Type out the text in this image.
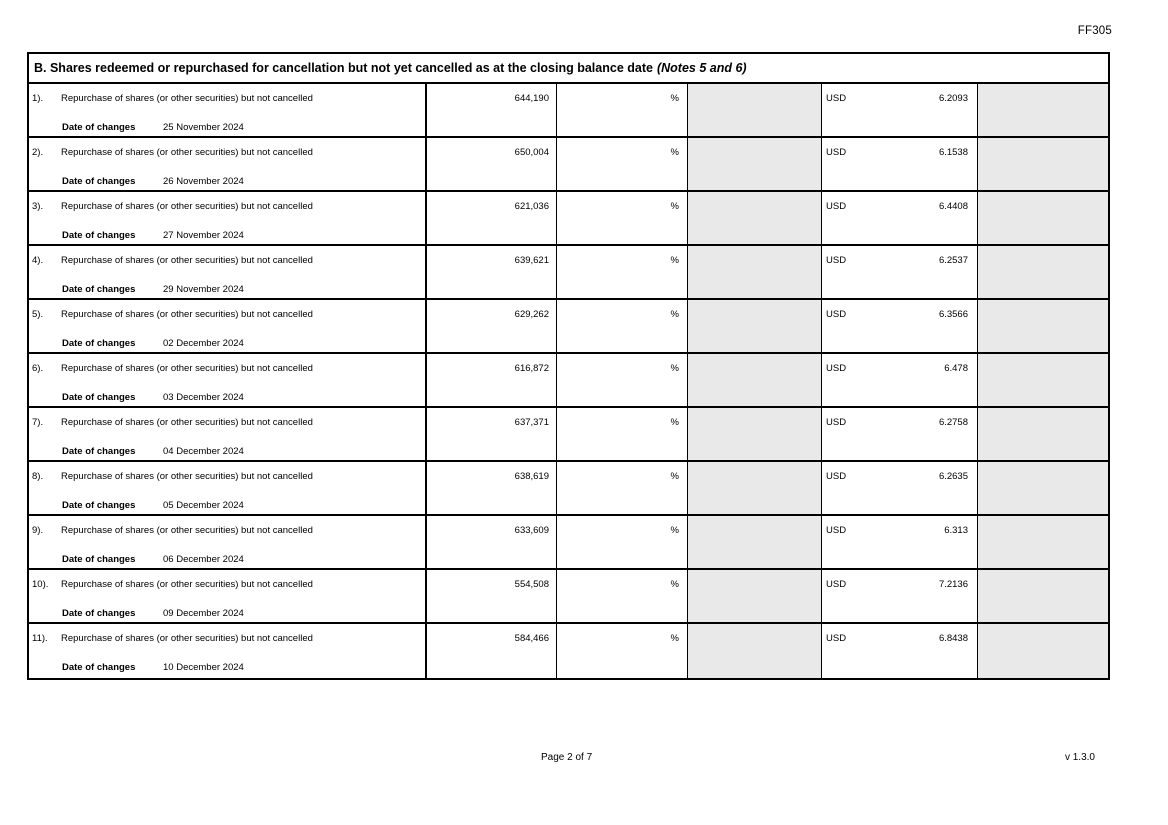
FF305
B. Shares redeemed or repurchased for cancellation but not yet cancelled as at the closing balance date (Notes 5 and 6)
1).	Repurchase of shares (or other securities) but not cancelled
Date of changes	25 November 2024
644,190	%	USD	6.2093
2).	Repurchase of shares (or other securities) but not cancelled
Date of changes	26 November 2024
650,004	%	USD	6.1538
3).	Repurchase of shares (or other securities) but not cancelled
Date of changes	27 November 2024
621,036	%	USD	6.4408
4).	Repurchase of shares (or other securities) but not cancelled
Date of changes	29 November 2024
639,621	%	USD	6.2537
5).	Repurchase of shares (or other securities) but not cancelled
Date of changes	02 December 2024
629,262	%	USD	6.3566
6).	Repurchase of shares (or other securities) but not cancelled
Date of changes	03 December 2024
616,872	%	USD	6.478
7).	Repurchase of shares (or other securities) but not cancelled
Date of changes	04 December 2024
637,371	%	USD	6.2758
8).	Repurchase of shares (or other securities) but not cancelled
Date of changes	05 December 2024
638,619	%	USD	6.2635
9).	Repurchase of shares (or other securities) but not cancelled
Date of changes	06 December 2024
633,609	%	USD	6.313
10).	Repurchase of shares (or other securities) but not cancelled
Date of changes	09 December 2024
554,508	%	USD	7.2136
11).	Repurchase of shares (or other securities) but not cancelled
Date of changes	10 December 2024
584,466	%	USD	6.8438
Page 2 of 7	v 1.3.0
